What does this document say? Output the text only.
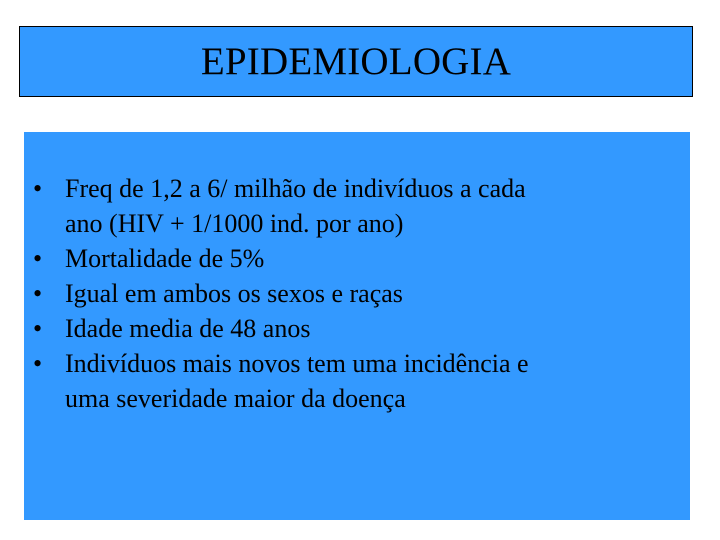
EPIDEMIOLOGIA
• Freq de 1,2 a 6/ milhão de indivíduos a cada
ano (HIV + 1/1000 ind. por ano)
• Mortalidade de 5%
• Igual em ambos os sexos e raças
• Idade media de 48 anos
• Indivíduos mais novos tem uma incidência e
uma severidade maior da doença
